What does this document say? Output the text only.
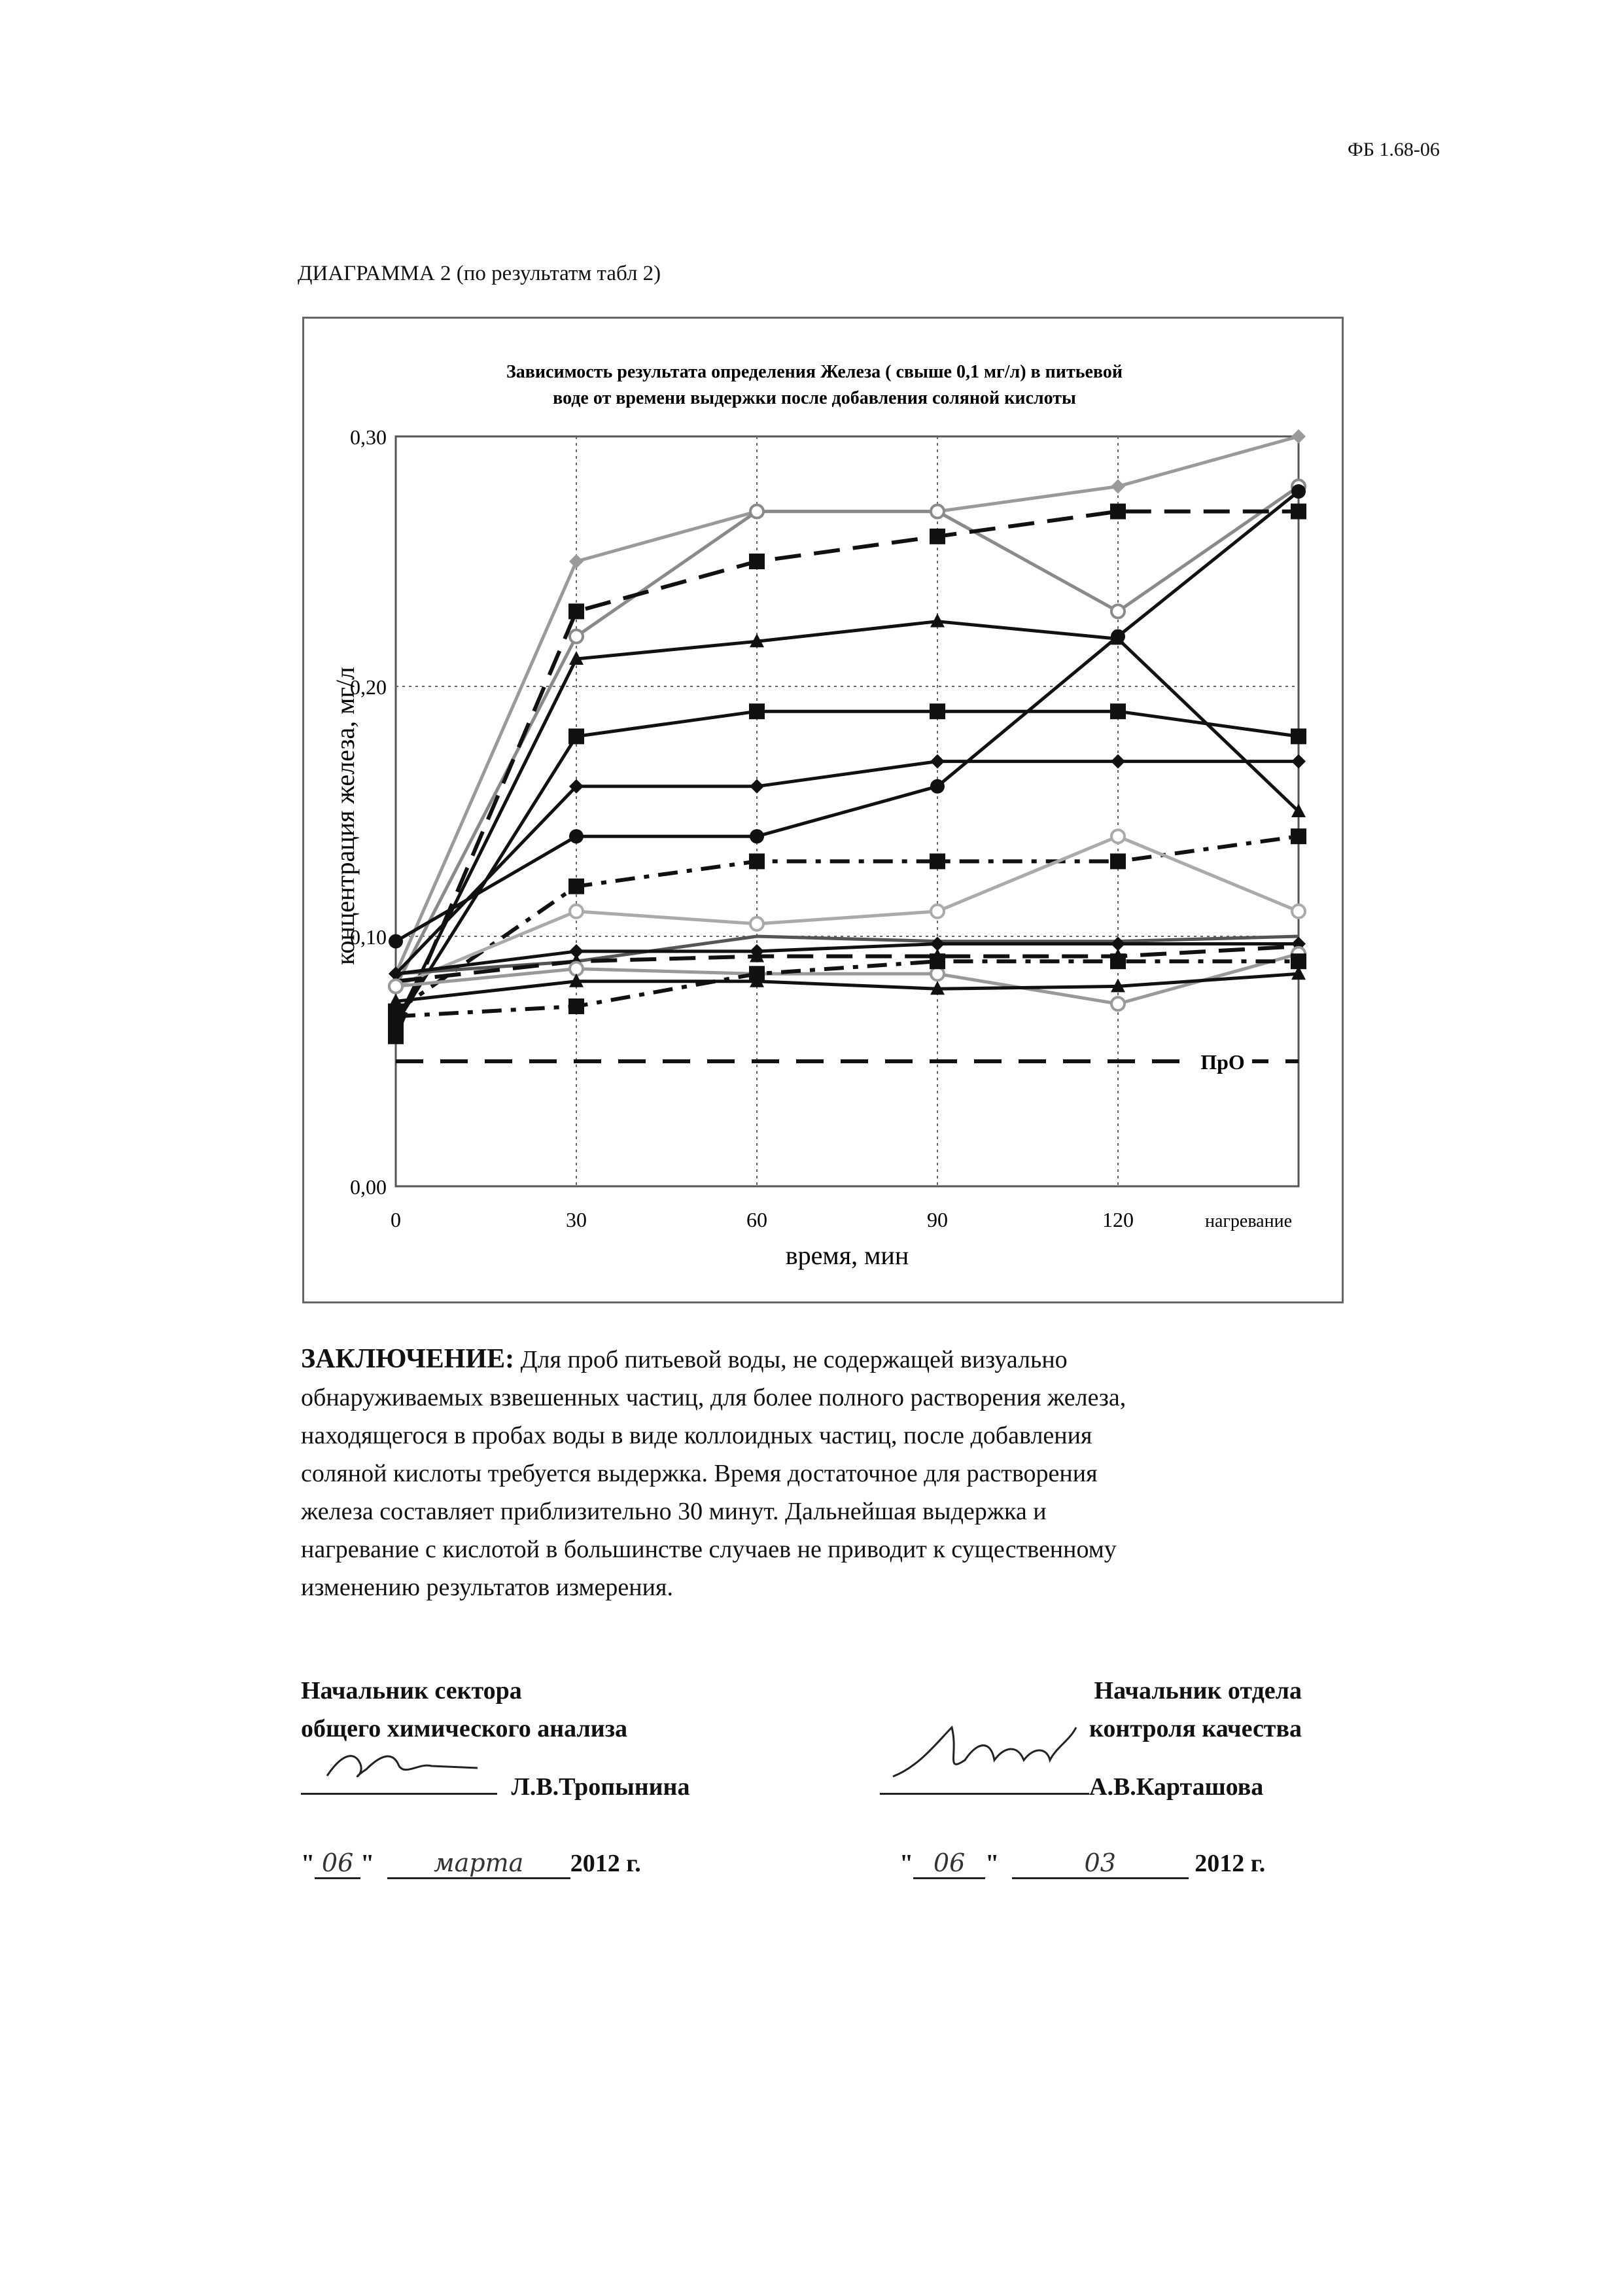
ФБ 1.68-06
ДИАГРАММА 2 (по результатм табл 2)
Зависимость результата определения Железа ( свыше 0,1 мг/л) в питьевой
воде от времени выдержки после добавления соляной кислоты
ПрО
0,00
0,10
0,20
0,30
0	30	60	90	120	нагревание
время, мин
концентрация железа, мг/л
ЗАКЛЮЧЕНИЕ: Для проб питьевой воды, не содержащей визуально
обнаруживаемых взвешенных частиц, для более полного растворения железа,
находящегося в пробах воды в виде коллоидных частиц, после добавления
соляной кислоты требуется выдержка. Время достаточное для растворения
железа составляет приблизительно 30 минут. Дальнейшая выдержка и
нагревание с кислотой в большинстве случаев не приводит к существенному
изменению результатов измерения.
Начальник сектора
общего химического анализа
Начальник отдела
контроля качества
Л.В.Тропынина
" 06 " марта 2012 г.
А.В.Карташова
" 06 "	03	2012 г.
